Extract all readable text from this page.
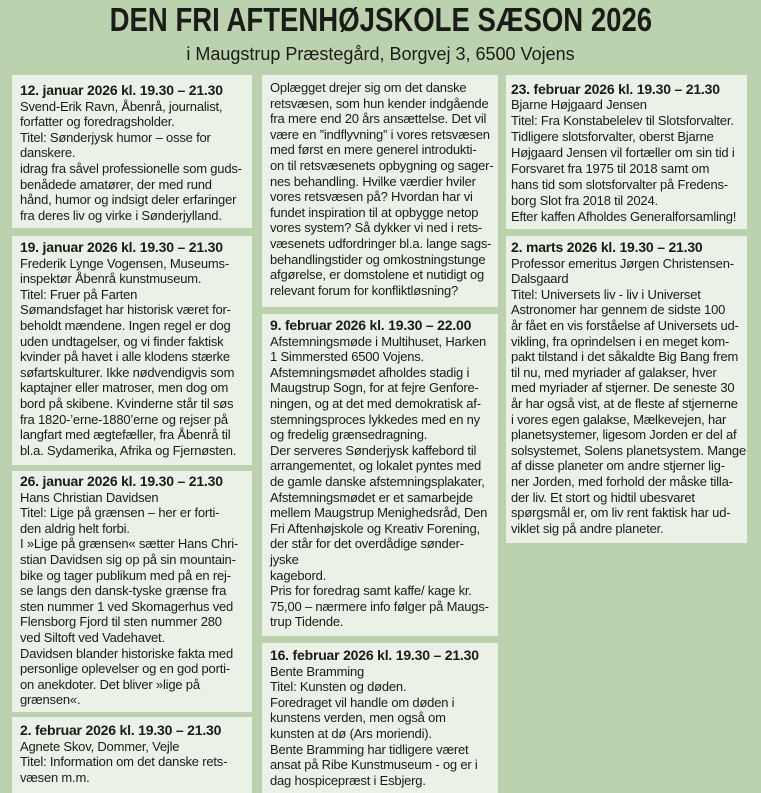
DEN FRI AFTENHØJSKOLE SÆSON 2026
i Maugstrup Præstegård, Borgvej 3, 6500 Vojens
12. januar 2026 kl. 19.30 – 21.30
Svend-Erik Ravn, Åbenrå, journalist,
forfatter og foredragsholder.
Titel: Sønderjysk humor – osse for
danskere.
idrag fra såvel professionelle som guds-
benådede amatører, der med rund
hånd, humor og indsigt deler erfaringer
fra deres liv og virke i Sønderjylland.
19. januar 2026 kl. 19.30 – 21.30
Frederik Lynge Vogensen, Museums-
inspektør Åbenrå kunstmuseum.
Titel: Fruer på Farten
Sømandsfaget har historisk været for-
beholdt mændene. Ingen regel er dog
uden undtagelser, og vi finder faktisk
kvinder på havet i alle klodens stærke
søfartskulturer. Ikke nødvendigvis som
kaptajner eller matroser, men dog om
bord på skibene. Kvinderne står til søs
fra 1820-’erne-1880’erne og rejser på
langfart med ægtefæller, fra Åbenrå til
bl.a. Sydamerika, Afrika og Fjernøsten.
26. januar 2026 kl. 19.30 – 21.30
Hans Christian Davidsen
Titel: Lige på grænsen – her er forti-
den aldrig helt forbi.
I »Lige på grænsen« sætter Hans Chri-
stian Davidsen sig op på sin mountain-
bike og tager publikum med på en rej-
se langs den dansk-tyske grænse fra
sten nummer 1 ved Skomagerhus ved
Flensborg Fjord til sten nummer 280
ved Siltoft ved Vadehavet.
Davidsen blander historiske fakta med
personlige oplevelser og en god porti-
on anekdoter. Det bliver »lige på
grænsen«.
2. februar 2026 kl. 19.30 – 21.30
Agnete Skov, Dommer, Vejle
Titel: Information om det danske rets-
væsen m.m.
Oplægget drejer sig om det danske
retsvæsen, som hun kender indgående
fra mere end 20 års ansættelse. Det vil
være en ”indflyvning” i vores retsvæsen
med først en mere generel introdukti-
on til retsvæsenets opbygning og sager-
nes behandling. Hvilke værdier hviler
vores retsvæsen på? Hvordan har vi
fundet inspiration til at opbygge netop
vores system? Så dykker vi ned i rets-
væsenets udfordringer bl.a. lange sags-
behandlingstider og omkostningstunge
afgørelse, er domstolene et nutidigt og
relevant forum for konfliktløsning?
9. februar 2026 kl. 19.30 – 22.00
Afstemningsmøde i Multihuset, Harken
1 Simmersted 6500 Vojens.
Afstemningsmødet afholdes stadig i
Maugstrup Sogn, for at fejre Genfore-
ningen, og at det med demokratisk af-
stemningsproces lykkedes med en ny
og fredelig grænsedragning.
Der serveres Sønderjysk kaffebord til
arrangementet, og lokalet pyntes med
de gamle danske afstemningsplakater,
Afstemningsmødet er et samarbejde
mellem Maugstrup Menighedsråd, Den
Fri Aftenhøjskole og Kreativ Forening,
der står for det overdådige sønder-
jyske
kagebord.
Pris for foredrag samt kaffe/ kage kr.
75,00 – nærmere info følger på Maugs-
trup Tidende.
16. februar 2026 kl. 19.30 – 21.30
Bente Bramming
Titel: Kunsten og døden.
Foredraget vil handle om døden i
kunstens verden, men også om
kunsten at dø (Ars moriendi).
Bente Bramming har tidligere været
ansat på Ribe Kunstmuseum - og er i
dag hospicepræst i Esbjerg.
23. februar 2026 kl. 19.30 – 21.30
Bjarne Højgaard Jensen
Titel: Fra Konstabelelev til Slotsforvalter.
Tidligere slotsforvalter, oberst Bjarne
Højgaard Jensen vil fortæller om sin tid i
Forsvaret fra 1975 til 2018 samt om
hans tid som slotsforvalter på Fredens-
borg Slot fra 2018 til 2024.
Efter kaffen Afholdes Generalforsamling!
2. marts 2026 kl. 19.30 – 21.30
Professor emeritus Jørgen Christensen-
Dalsgaard
Titel: Universets liv - liv i Universet
Astronomer har gennem de sidste 100
år fået en vis forståelse af Universets ud-
vikling, fra oprindelsen i en meget kom-
pakt tilstand i det såkaldte Big Bang frem
til nu, med myriader af galakser, hver
med myriader af stjerner. De seneste 30
år har også vist, at de fleste af stjernerne
i vores egen galakse, Mælkevejen, har
planetsystemer, ligesom Jorden er del af
solsystemet, Solens planetsystem. Mange
af disse planeter om andre stjerner lig-
ner Jorden, med forhold der måske tilla-
der liv. Et stort og hidtil ubesvaret
spørgsmål er, om liv rent faktisk har ud-
viklet sig på andre planeter.
